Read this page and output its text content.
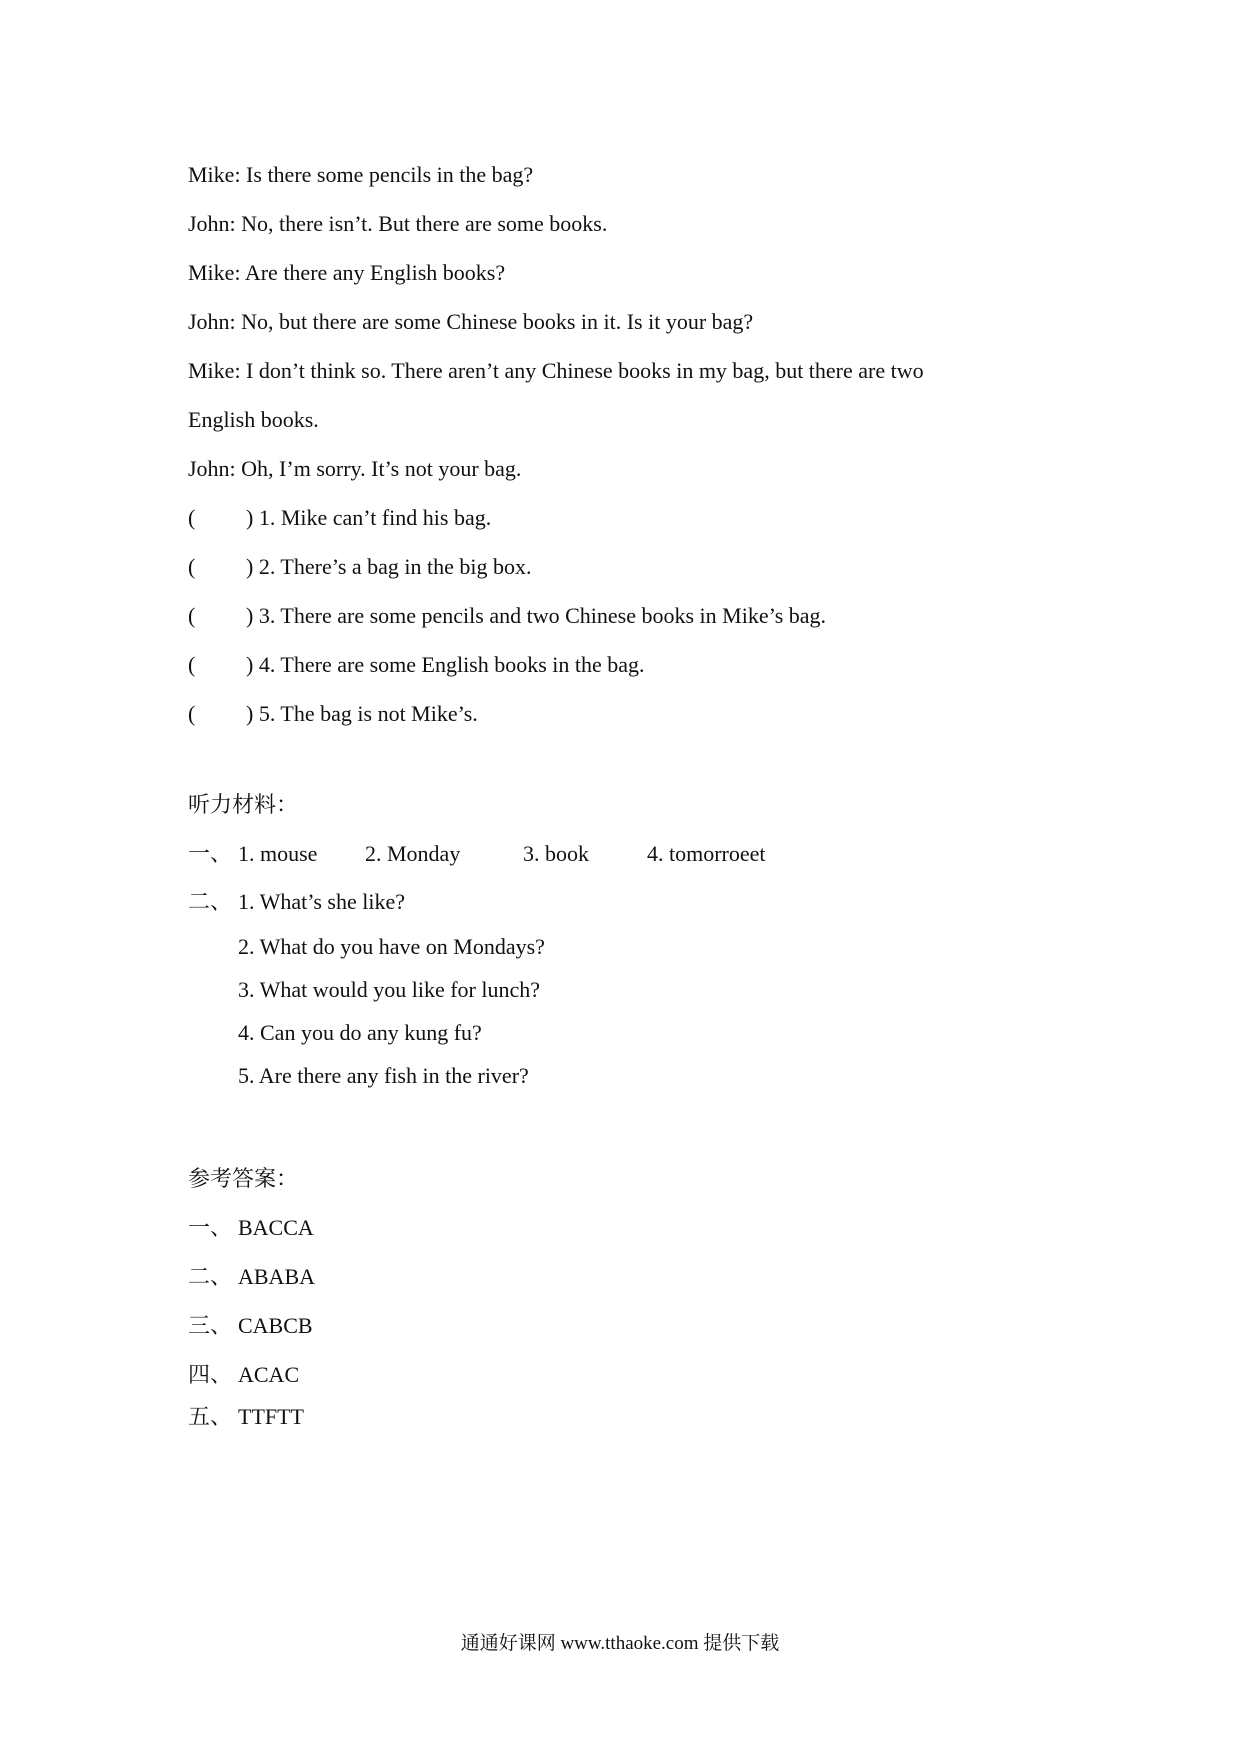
Mike: Is there some pencils in the bag?
John: No, there isn’t. But there are some books.
Mike: Are there any English books?
John: No, but there are some Chinese books in it. Is it your bag?
Mike: I don’t think so. There aren’t any Chinese books in my bag, but there are two
English books.
John: Oh, I’m sorry. It’s not your bag.
( ) 1. Mike can’t find his bag.
( ) 2. There’s a bag in the big box.
( ) 3. There are some pencils and two Chinese books in Mike’s bag.
( ) 4. There are some English books in the bag.
( ) 5. The bag is not Mike’s.
听力材料：
一、 1. mouse 2. Monday	3. book	4. tomorroeet
二、 1. What’s she like?
2. What do you have on Mondays?
3. What would you like for lunch?
4. Can you do any kung fu?
5. Are there any fish in the river?
参考答案：
一、 BACCA
二、 ABABA
三、 CABCB
四、 ACAC
五、 TTFTT
通通好课网 www.tthaoke.com 提供下载
